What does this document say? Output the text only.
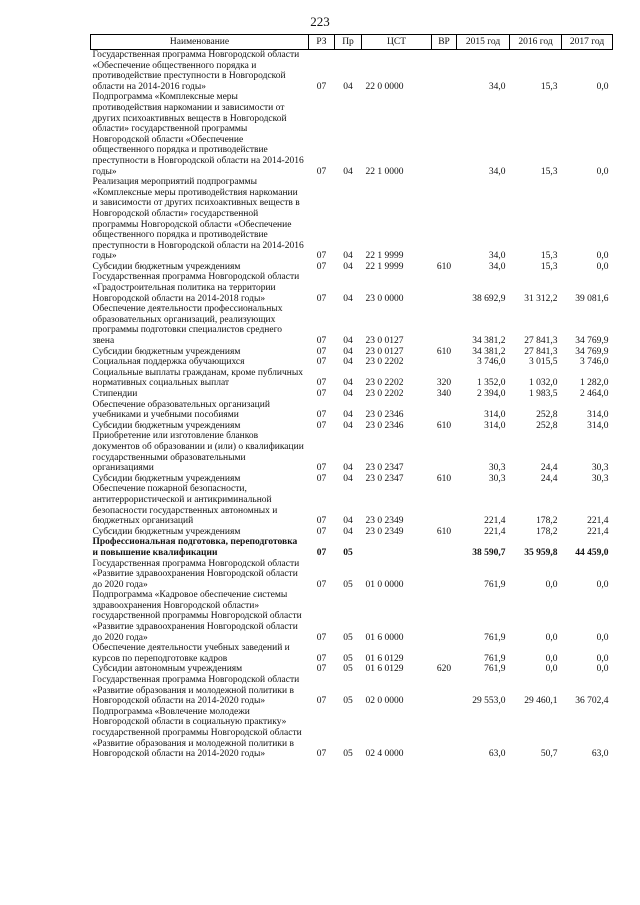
223
Наименование	РЗ	Пр	ЦСТ	ВР	2015 год	2016 год	2017 год
Государственная программа Новгородской области «Обеспечение общественного порядка и противодействие преступности в Новгородской области на 2014-2016 годы»	07	04	22 0 0000		34,0	15,3	0,0
Подпрограмма «Комплексные меры противодействия наркомании и зависимости от других психоактивных веществ в Новгородской области» государственной программы Новгородской области «Обеспечение общественного порядка и противодействие преступности в Новгородской области на 2014-2016 годы»	07	04	22 1 0000		34,0	15,3	0,0
Реализация мероприятий подпрограммы «Комплексные меры противодействия наркомании и зависимости от других психоактивных веществ в Новгородской области» государственной программы Новгородской области «Обеспечение общественного порядка и противодействие преступности в Новгородской области на 2014-2016 годы»	07	04	22 1 9999		34,0	15,3	0,0
Субсидии бюджетным учреждениям	07	04	22 1 9999	610	34,0	15,3	0,0
Государственная программа Новгородской области «Градостроительная политика на территории Новгородской области на 2014-2018 годы»	07	04	23 0 0000		38 692,9	31 312,2	39 081,6
Обеспечение деятельности профессиональных образовательных организаций, реализующих программы подготовки специалистов среднего звена	07	04	23 0 0127		34 381,2	27 841,3	34 769,9
Субсидии бюджетным учреждениям	07	04	23 0 0127	610	34 381,2	27 841,3	34 769,9
Социальная поддержка обучающихся	07	04	23 0 2202		3 746,0	3 015,5	3 746,0
Социальные выплаты гражданам, кроме публичных нормативных социальных выплат	07	04	23 0 2202	320	1 352,0	1 032,0	1 282,0
Стипендии	07	04	23 0 2202	340	2 394,0	1 983,5	2 464,0
Обеспечение образовательных организаций учебниками и учебными пособиями	07	04	23 0 2346		314,0	252,8	314,0
Субсидии бюджетным учреждениям	07	04	23 0 2346	610	314,0	252,8	314,0
Приобретение или изготовление бланков документов об образовании и (или) о квалификации государственными образовательными организациями	07	04	23 0 2347		30,3	24,4	30,3
Субсидии бюджетным учреждениям	07	04	23 0 2347	610	30,3	24,4	30,3
Обеспечение пожарной безопасности, антитеррористической и антикриминальной безопасности государственных автономных и бюджетных организаций	07	04	23 0 2349		221,4	178,2	221,4
Субсидии бюджетным учреждениям	07	04	23 0 2349	610	221,4	178,2	221,4
Профессиональная подготовка, переподготовка и повышение квалификации	07	05			38 590,7	35 959,8	44 459,0
Государственная программа Новгородской области «Развитие здравоохранения Новгородской области до 2020 года»	07	05	01 0 0000		761,9	0,0	0,0
Подпрограмма «Кадровое обеспечение системы здравоохранения Новгородской области» государственной программы Новгородской области «Развитие здравоохранения Новгородской области до 2020 года»	07	05	01 6 0000		761,9	0,0	0,0
Обеспечение деятельности учебных заведений и курсов по переподготовке кадров	07	05	01 6 0129		761,9	0,0	0,0
Субсидии автономным учреждениям	07	05	01 6 0129	620	761,9	0,0	0,0
Государственная программа Новгородской области «Развитие образования и молодежной политики в Новгородской области на 2014-2020 годы»	07	05	02 0 0000		29 553,0	29 460,1	36 702,4
Подпрограмма «Вовлечение молодежи Новгородской области в социальную практику» государственной программы Новгородской области «Развитие образования и молодежной политики в Новгородской области на 2014-2020 годы»	07	05	02 4 0000		63,0	50,7	63,0
